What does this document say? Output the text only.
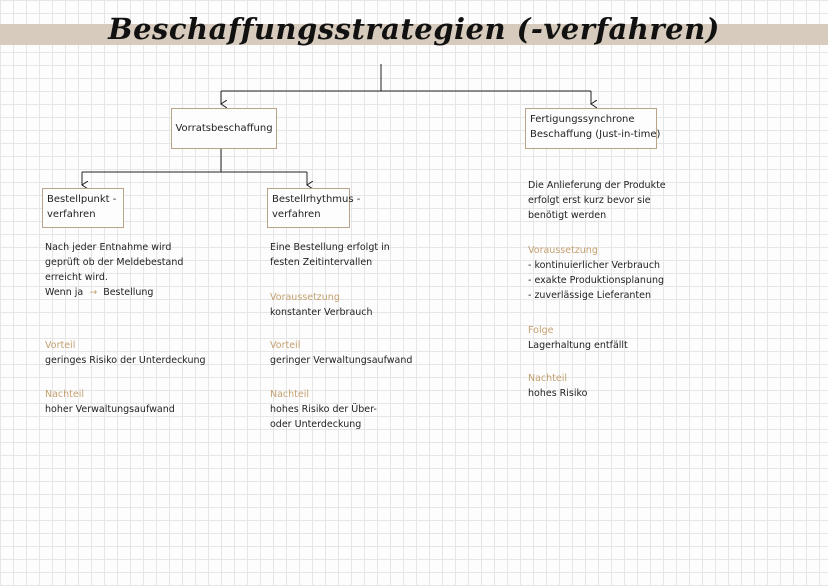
Beschaffungsstrategien (-verfahren)
Vorratsbeschaffung
Fertigungssynchrone
Beschaffung (Just-in-time)
Bestellpunkt -
verfahren
Bestellrhythmus -
verfahren
Nach jeder Entnahme wird
geprüft ob der Meldebestand
erreicht wird.
Wenn ja → Bestellung
Vorteil
geringes Risiko der Unterdeckung
Nachteil
hoher Verwaltungsaufwand
Eine Bestellung erfolgt in
festen Zeitintervallen
Voraussetzung
konstanter Verbrauch
Vorteil
geringer Verwaltungsaufwand
Nachteil
hohes Risiko der Über-
oder Unterdeckung
Die Anlieferung der Produkte
erfolgt erst kurz bevor sie
benötigt werden
Voraussetzung
- kontinuierlicher Verbrauch
- exakte Produktionsplanung
- zuverlässige Lieferanten
Folge
Lagerhaltung entfällt
Nachteil
hohes Risiko
